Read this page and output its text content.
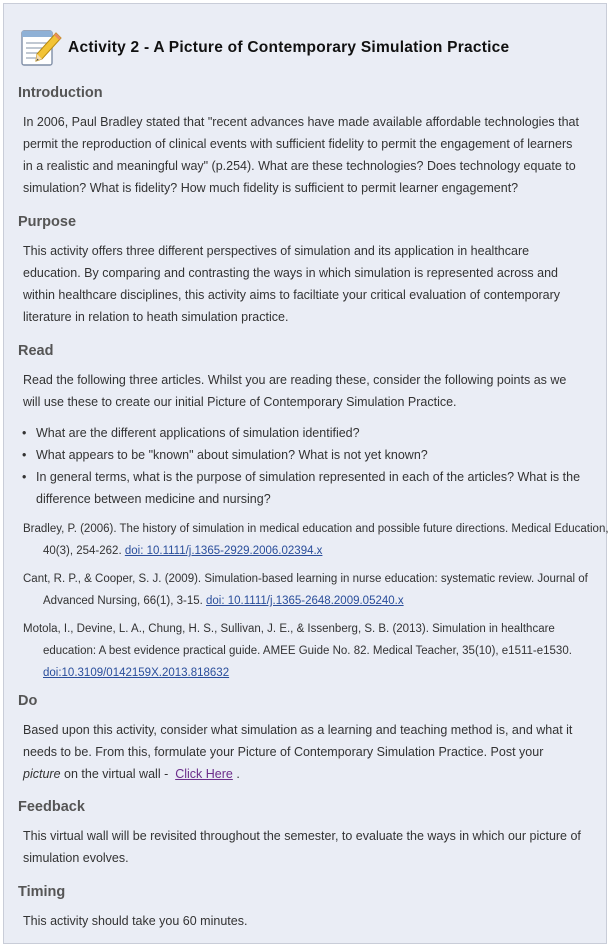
Activity 2 - A Picture of Contemporary Simulation Practice
Introduction

In 2006, Paul Bradley stated that "recent advances have made available affordable technologies that permit the reproduction of clinical events with sufficient fidelity to permit the engagement of learners in a realistic and meaningful way" (p.254). What are these technologies? Does technology equate to simulation? What is fidelity? How much fidelity is sufficient to permit learner engagement?

Purpose

This activity offers three different perspectives of simulation and its application in healthcare education. By comparing and contrasting the ways in which simulation is represented across and within healthcare disciplines, this activity aims to faciltiate your critical evaluation of contemporary literature in relation to heath simulation practice.

Read

Read the following three articles. Whilst you are reading these, consider the following points as we will use these to create our initial Picture of Contemporary Simulation Practice.

• What are the different applications of simulation identified?
• What appears to be "known" about simulation? What is not yet known?
• In general terms, what is the purpose of simulation represented in each of the articles? What is the difference between medicine and nursing?
Bradley, P. (2006). The history of simulation in medical education and possible future directions. Medical Education, 40(3), 254-262. doi: 10.1111/j.1365-2929.2006.02394.x
Cant, R. P., & Cooper, S. J. (2009). Simulation-based learning in nurse education: systematic review. Journal of Advanced Nursing, 66(1), 3-15. doi: 10.1111/j.1365-2648.2009.05240.x
Motola, I., Devine, L. A., Chung, H. S., Sullivan, J. E., & Issenberg, S. B. (2013). Simulation in healthcare education: A best evidence practical guide. AMEE Guide No. 82. Medical Teacher, 35(10), e1511-e1530. doi:10.3109/0142159X.2013.818632
Do

Based upon this activity, consider what simulation as a learning and teaching method is, and what it needs to be. From this, formulate your Picture of Contemporary Simulation Practice. Post your picture on the virtual wall - Click Here .

Feedback

This virtual wall will be revisited throughout the semester, to evaluate the ways in which our picture of simulation evolves.

Timing

This activity should take you 60 minutes.
